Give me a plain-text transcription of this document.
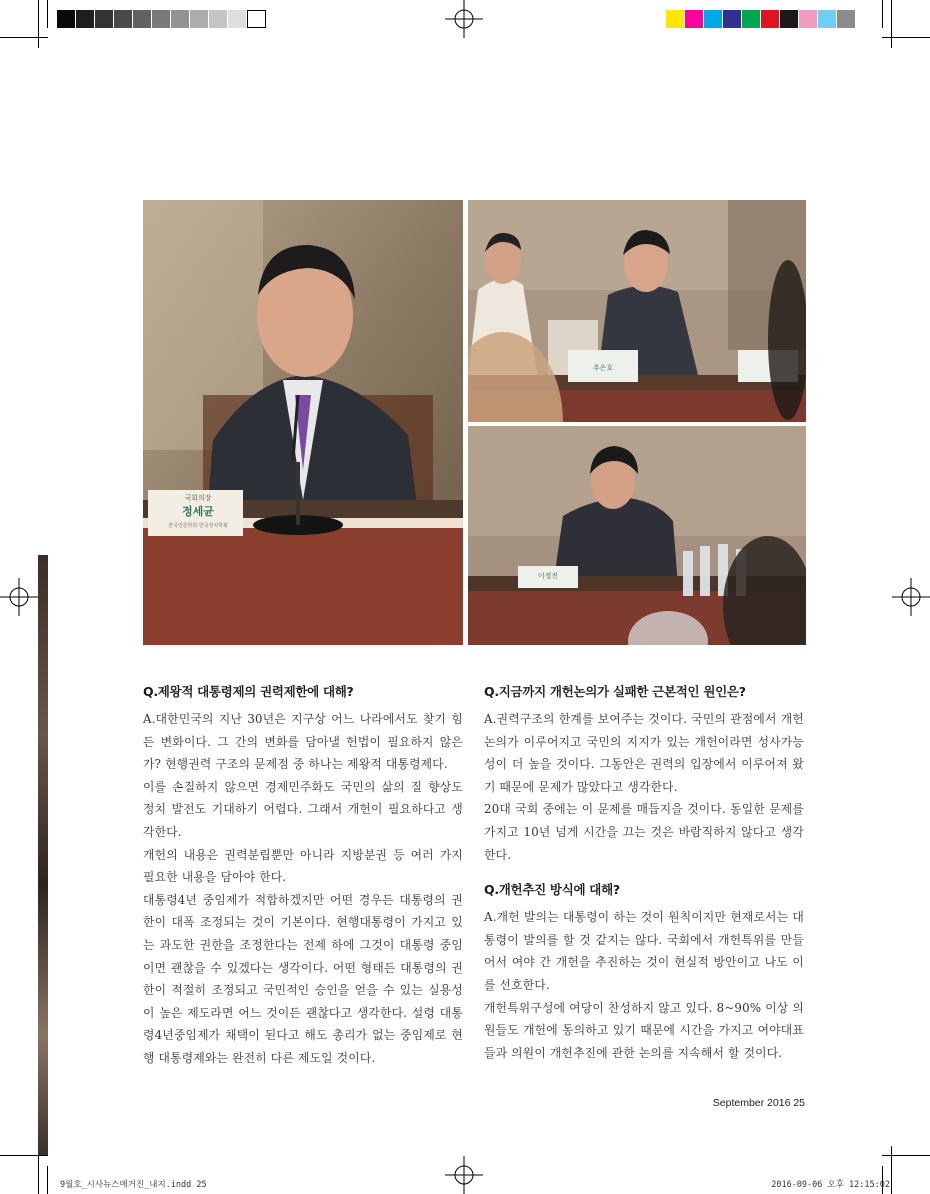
국회의장
정세균
한국언론학회·한국정치학회
추은호
이정진
Q.제왕적 대통령제의 권력제한에 대해?

A.대한민국의 지난 30년은 지구상 어느 나라에서도 찾기 힘든 변화이다. 그 간의 변화를 담아낼 헌법이 필요하지 않은가? 현행권력 구조의 문제점 중 하나는 제왕적 대통령제다.

이를 손질하지 않으면 경제민주화도 국민의 삶의 질 향상도 정치 발전도 기대하기 어렵다. 그래서 개헌이 필요하다고 생각한다.

개헌의 내용은 권력분립뿐만 아니라 지방분권 등 여러 가지 필요한 내용을 담아야 한다.

대통령4년 중임제가 적합하겠지만 어떤 경우든 대통령의 권한이 대폭 조정되는 것이 기본이다. 현행대통령이 가지고 있는 과도한 권한을 조정한다는 전제 하에 그것이 대통령 중임이면 괜찮을 수 있겠다는 생각이다. 어떤 형태든 대통령의 권한이 적절히 조정되고 국민적인 승인을 얻을 수 있는 실용성이 높은 제도라면 어느 것이든 괜찮다고 생각한다. 설령 대통령4년중임제가 채택이 된다고 해도 총리가 없는 중임제로 현행 대통령제와는 완전히 다른 제도일 것이다.

Q.지금까지 개헌논의가 실패한 근본적인 원인은?

A.권력구조의 한계를 보여주는 것이다. 국민의 관점에서 개헌논의가 이루어지고 국민의 지지가 있는 개헌이라면 성사가능성이 더 높을 것이다. 그동안은 권력의 입장에서 이루어져 왔기 때문에 문제가 많았다고 생각한다.

20대 국회 중에는 이 문제를 매듭지을 것이다. 동일한 문제를 가지고 10년 넘게 시간을 끄는 것은 바람직하지 않다고 생각한다.

Q.개헌추진 방식에 대해?

A.개헌 발의는 대통령이 하는 것이 원칙이지만 현재로서는 대통령이 발의를 할 것 같지는 않다. 국회에서 개헌특위를 만들어서 여야 간 개헌을 추진하는 것이 현실적 방안이고 나도 이를 선호한다.

개헌특위구성에 여당이 찬성하지 않고 있다. 8~90% 이상 의원들도 개헌에 동의하고 있기 때문에 시간을 가지고 여야대표들과 의원이 개헌추진에 관한 논의를 지속해서 할 것이다.

September 2016 25
9월호_시사뉴스매거진_내지.indd 25	2016-09-06 오후 12:15:02
